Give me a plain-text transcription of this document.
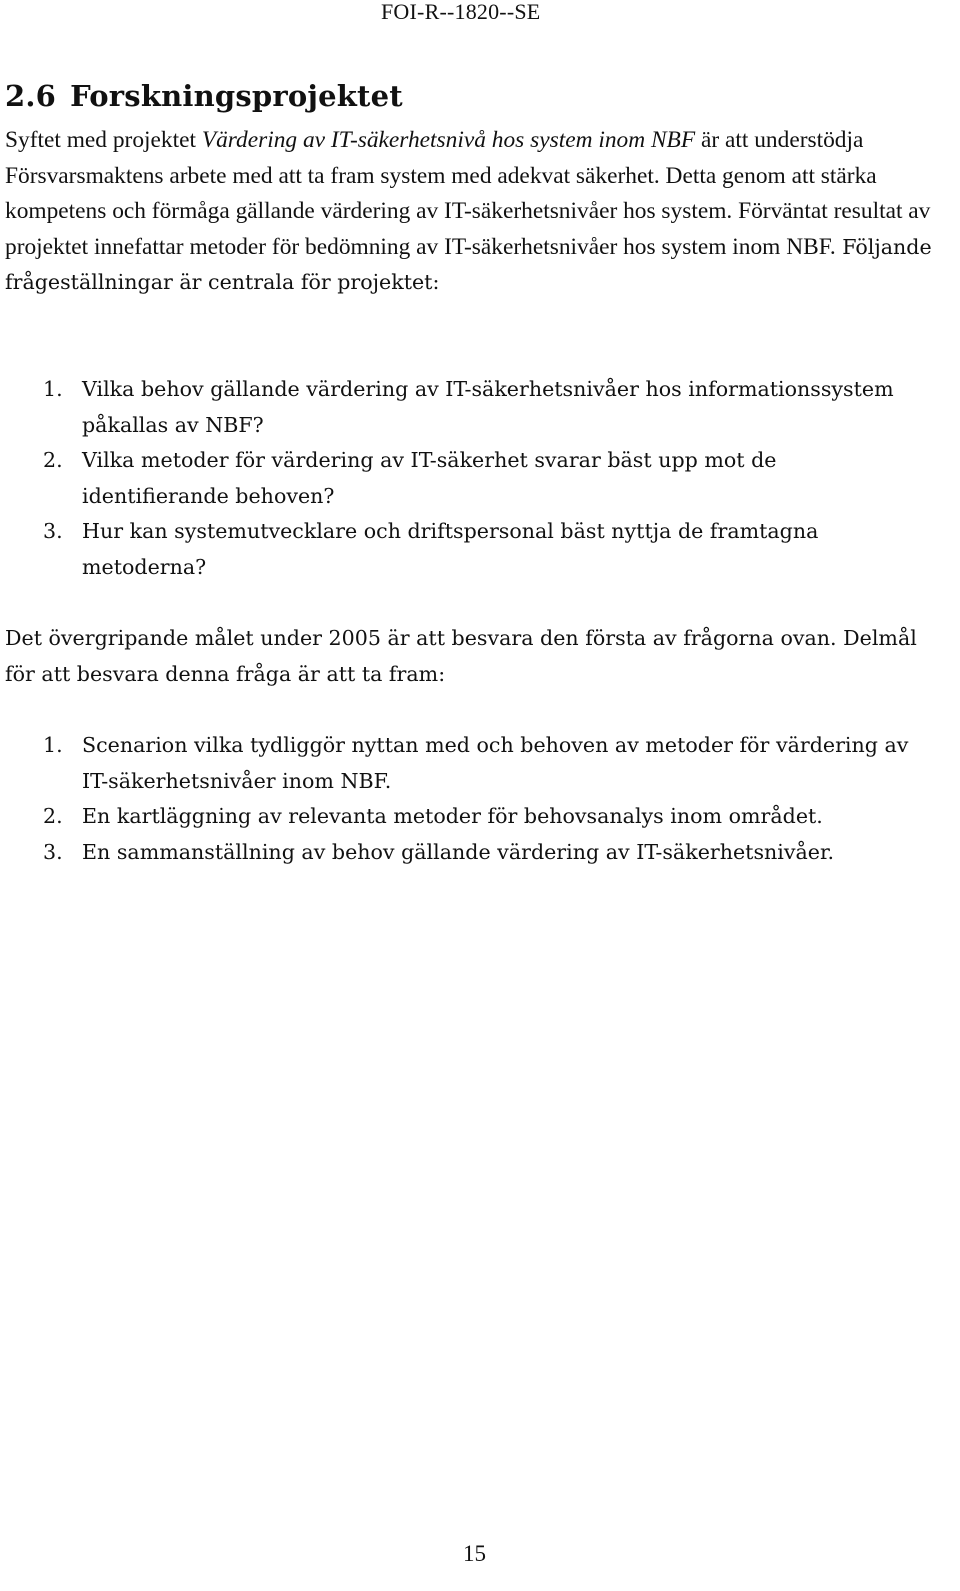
FOI-R--1820--SE
2.6 Forskningsprojektet

Syftet med projektet Värdering av IT-säkerhetsnivå hos system inom NBF är att understödja Försvarsmaktens arbete med att ta fram system med adekvat säkerhet. Detta genom att stärka kompetens och förmåga gällande värdering av IT-säkerhetsnivåer hos system. Förväntat resultat av projektet innefattar metoder för bedömning av IT-säkerhetsnivåer hos system inom NBF. Följande frågeställningar är centrala för projektet:

1. Vilka behov gällande värdering av IT-säkerhetsnivåer hos informationssystem påkallas av NBF?
2. Vilka metoder för värdering av IT-säkerhet svarar bäst upp mot de identifierande behoven?
3. Hur kan systemutvecklare och driftspersonal bäst nyttja de framtagna metoderna?

Det övergripande målet under 2005 är att besvara den första av frågorna ovan. Delmål för att besvara denna fråga är att ta fram:

1. Scenarion vilka tydliggör nyttan med och behoven av metoder för värdering av IT-säkerhetsnivåer inom NBF.
2. En kartläggning av relevanta metoder för behovsanalys inom området.
3. En sammanställning av behov gällande värdering av IT-säkerhetsnivåer.
15
